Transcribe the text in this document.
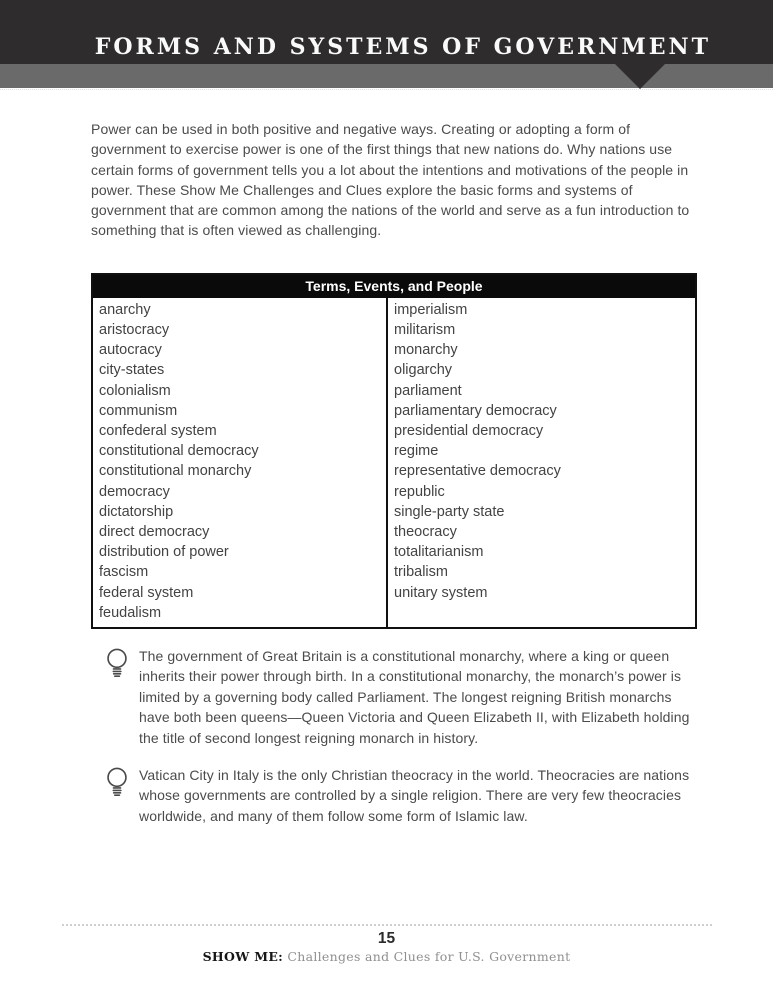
FORMS AND SYSTEMS OF GOVERNMENT

Power can be used in both positive and negative ways. Creating or adopting a form of government to exercise power is one of the first things that new nations do. Why nations use certain forms of government tells you a lot about the intentions and motivations of the people in power. These Show Me Challenges and Clues explore the basic forms and systems of government that are common among the nations of the world and serve as a fun introduction to something that is often viewed as challenging.

Terms, Events, and People
anarchy
aristocracy
autocracy
city-states
colonialism
communism
confederal system
constitutional democracy
constitutional monarchy
democracy
dictatorship
direct democracy
distribution of power
fascism
federal system
feudalism
imperialism
militarism
monarchy
oligarchy
parliament
parliamentary democracy
presidential democracy
regime
representative democracy
republic
single-party state
theocracy
totalitarianism
tribalism
unitary system

The government of Great Britain is a constitutional monarchy, where a king or queen inherits their power through birth. In a constitutional monarchy, the monarch’s power is limited by a governing body called Parliament. The longest reigning British monarchs have both been queens—Queen Victoria and Queen Elizabeth II, with Elizabeth holding the title of second longest reigning monarch in history.

Vatican City in Italy is the only Christian theocracy in the world. Theocracies are nations whose governments are controlled by a single religion. There are very few theocracies worldwide, and many of them follow some form of Islamic law.

15
SHOW ME: Challenges and Clues for U.S. Government
